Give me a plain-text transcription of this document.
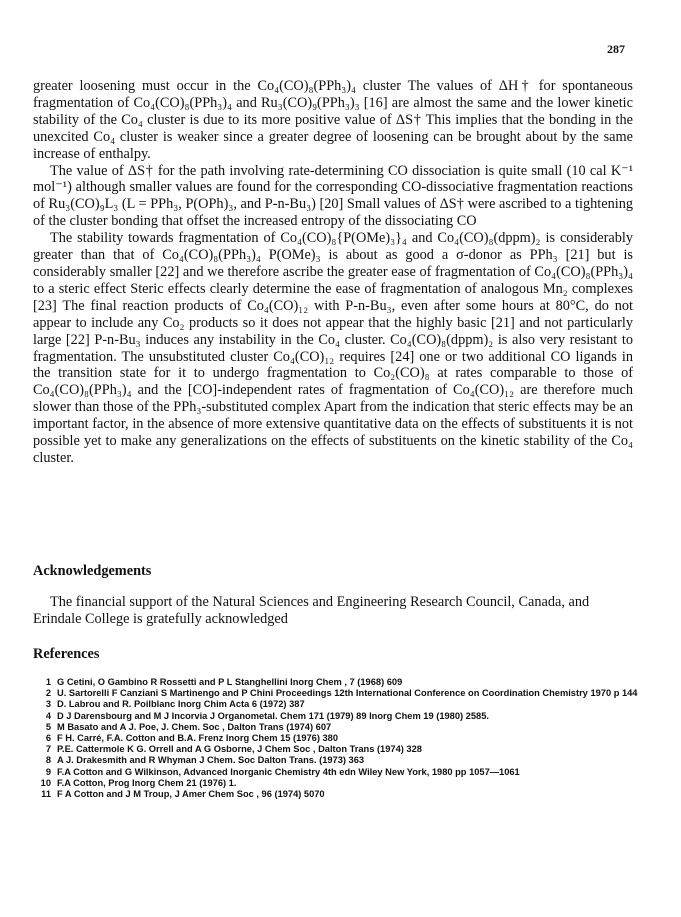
287

greater loosening must occur in the Co₄(CO)₈(PPh₃)₄ cluster The values of ΔH† for spontaneous fragmentation of Co₄(CO)₈(PPh₃)₄ and Ru₃(CO)₉(PPh₃)₃ [16] are almost the same and the lower kinetic stability of the Co₄ cluster is due to its more positive value of ΔS† This implies that the bonding in the unexcited Co₄ cluster is weaker since a greater degree of loosening can be brought about by the same increase of enthalpy.

The value of ΔS† for the path involving rate-determining CO dissociation is quite small (10 cal K⁻¹ mol⁻¹) although smaller values are found for the corresponding CO-dissociative fragmentation reactions of Ru₃(CO)₉L₃ (L = PPh₃, P(OPh)₃, and P-n-Bu₃) [20] Small values of ΔS† were ascribed to a tightening of the cluster bonding that offset the increased entropy of the dissociating CO

The stability towards fragmentation of Co₄(CO)₈{P(OMe)₃}₄ and Co₄(CO)₈(dppm)₂ is considerably greater than that of Co₄(CO)₈(PPh₃)₄ P(OMe)₃ is about as good a σ-donor as PPh₃ [21] but is considerably smaller [22] and we therefore ascribe the greater ease of fragmentation of Co₄(CO)₈(PPh₃)₄ to a steric effect Steric effects clearly determine the ease of fragmentation of analogous Mn₂ complexes [23] The final reaction products of Co₄(CO)₁₂ with P-n-Bu₃, even after some hours at 80°C, do not appear to include any Co₂ products so it does not appear that the highly basic [21] and not particularly large [22] P-n-Bu₃ induces any instability in the Co₄ cluster. Co₄(CO)₈(dppm)₂ is also very resistant to fragmentation. The unsubstituted cluster Co₄(CO)₁₂ requires [24] one or two additional CO ligands in the transition state for it to undergo fragmentation to Co₂(CO)₈ at rates comparable to those of Co₄(CO)₈(PPh₃)₄ and the [CO]-independent rates of fragmentation of Co₄(CO)₁₂ are therefore much slower than those of the PPh₃-substituted complex Apart from the indication that steric effects may be an important factor, in the absence of more extensive quantitative data on the effects of substituents it is not possible yet to make any generalizations on the effects of substituents on the kinetic stability of the Co₄ cluster.

Acknowledgements
The financial support of the Natural Sciences and Engineering Research Council, Canada, and Erindale College is gratefully acknowledged
References
1 G Cetini, O Gambino R Rossetti and P L Stanghellini Inorg Chem , 7 (1968) 609
2 U. Sartorelli F Canziani S Martinengo and P Chini Proceedings 12th International Conference on Coordination Chemistry 1970 p 144
3 D. Labrou and R. Poilblanc Inorg Chim Acta 6 (1972) 387
4 D J Darensbourg and M J Incorvia J Organometal. Chem 171 (1979) 89 Inorg Chem 19 (1980) 2585.
5 M Basato and A J. Poe, J. Chem. Soc , Dalton Trans (1974) 607
6 F H. Carré, F.A. Cotton and B.A. Frenz Inorg Chem 15 (1976) 380
7 P.E. Cattermole K G. Orrell and A G Osborne, J Chem Soc , Dalton Trans (1974) 328
8 A J. Drakesmith and R Whyman J Chem. Soc Dalton Trans. (1973) 363
9 F.A Cotton and G Wilkinson, Advanced Inorganic Chemistry 4th edn Wiley New York, 1980 pp 1057—1061
10 F.A Cotton, Prog Inorg Chem 21 (1976) 1.
11 F A Cotton and J M Troup, J Amer Chem Soc , 96 (1974) 5070
